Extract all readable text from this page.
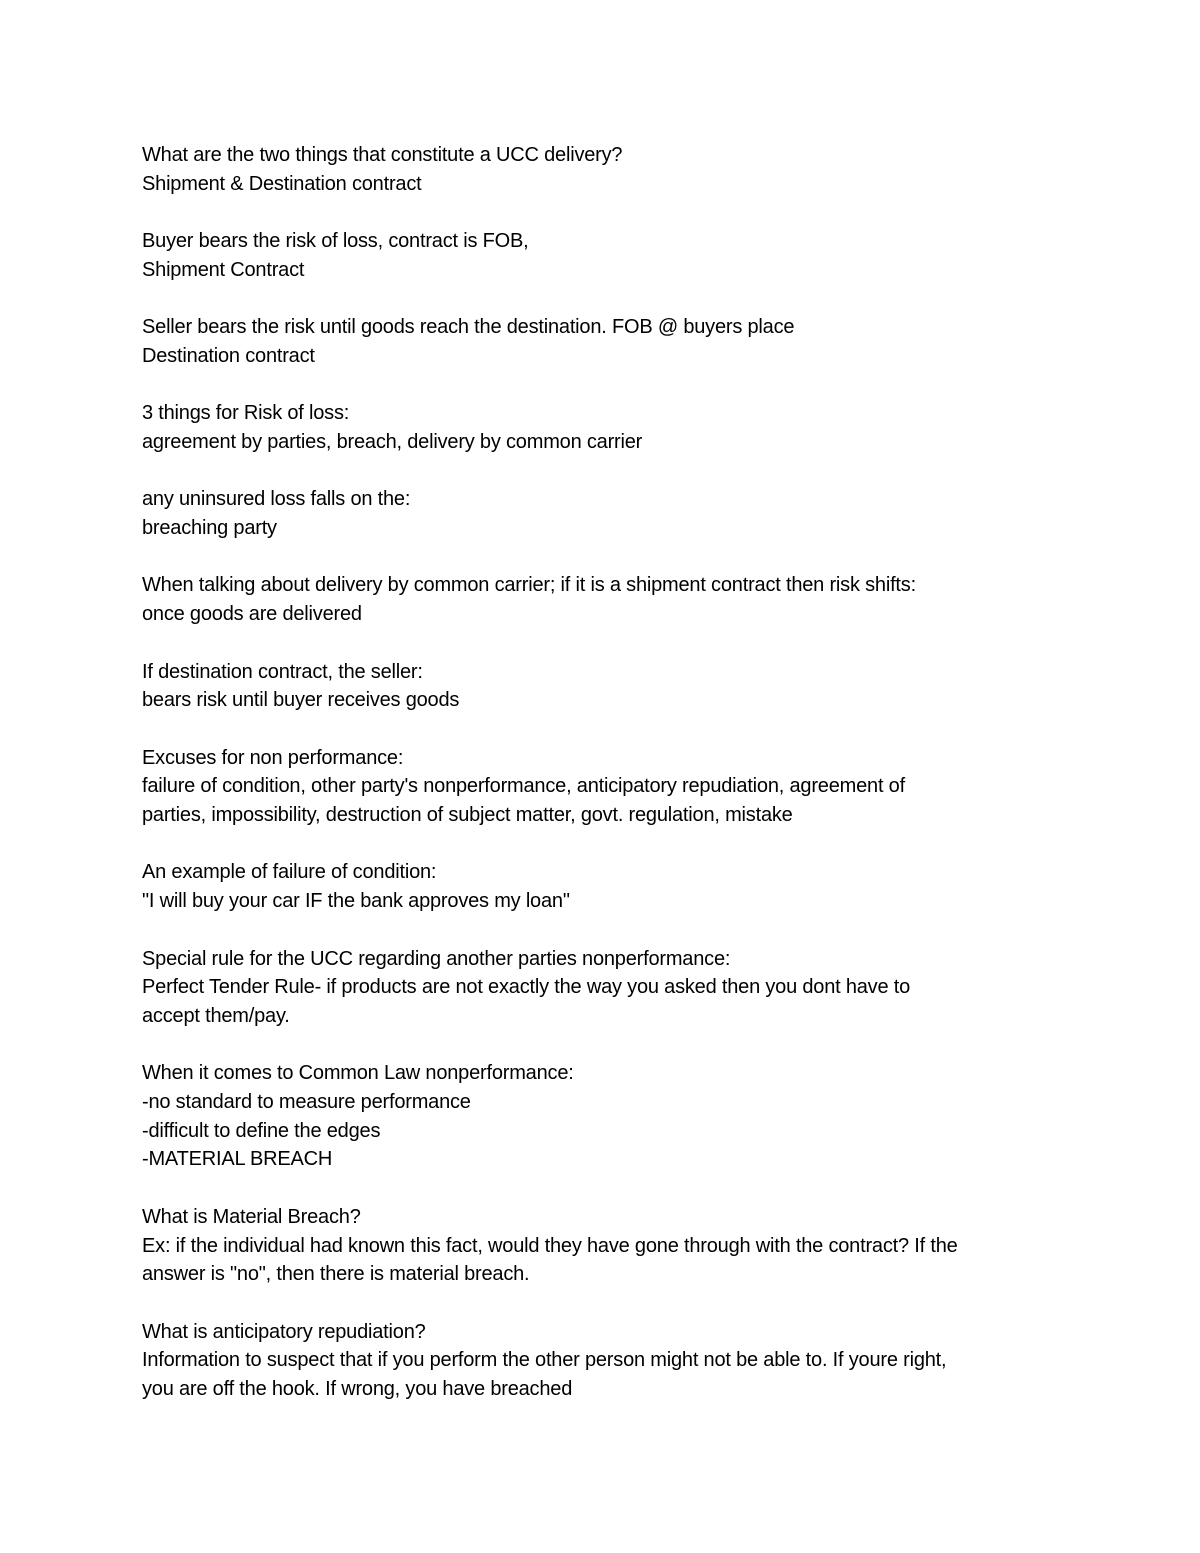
What are the two things that constitute a UCC delivery?
Shipment & Destination contract
Buyer bears the risk of loss, contract is FOB,
Shipment Contract
Seller bears the risk until goods reach the destination. FOB @ buyers place
Destination contract
3 things for Risk of loss:
agreement by parties, breach, delivery by common carrier
any uninsured loss falls on the:
breaching party
When talking about delivery by common carrier; if it is a shipment contract then risk shifts:
once goods are delivered
If destination contract, the seller:
bears risk until buyer receives goods
Excuses for non performance:
failure of condition, other party's nonperformance, anticipatory repudiation, agreement of
parties, impossibility, destruction of subject matter, govt. regulation, mistake
An example of failure of condition:
"I will buy your car IF the bank approves my loan"
Special rule for the UCC regarding another parties nonperformance:
Perfect Tender Rule- if products are not exactly the way you asked then you dont have to
accept them/pay.
When it comes to Common Law nonperformance:
-no standard to measure performance
-difficult to define the edges
-MATERIAL BREACH
What is Material Breach?
Ex: if the individual had known this fact, would they have gone through with the contract? If the
answer is "no", then there is material breach.
What is anticipatory repudiation?
Information to suspect that if you perform the other person might not be able to. If youre right,
you are off the hook. If wrong, you have breached
